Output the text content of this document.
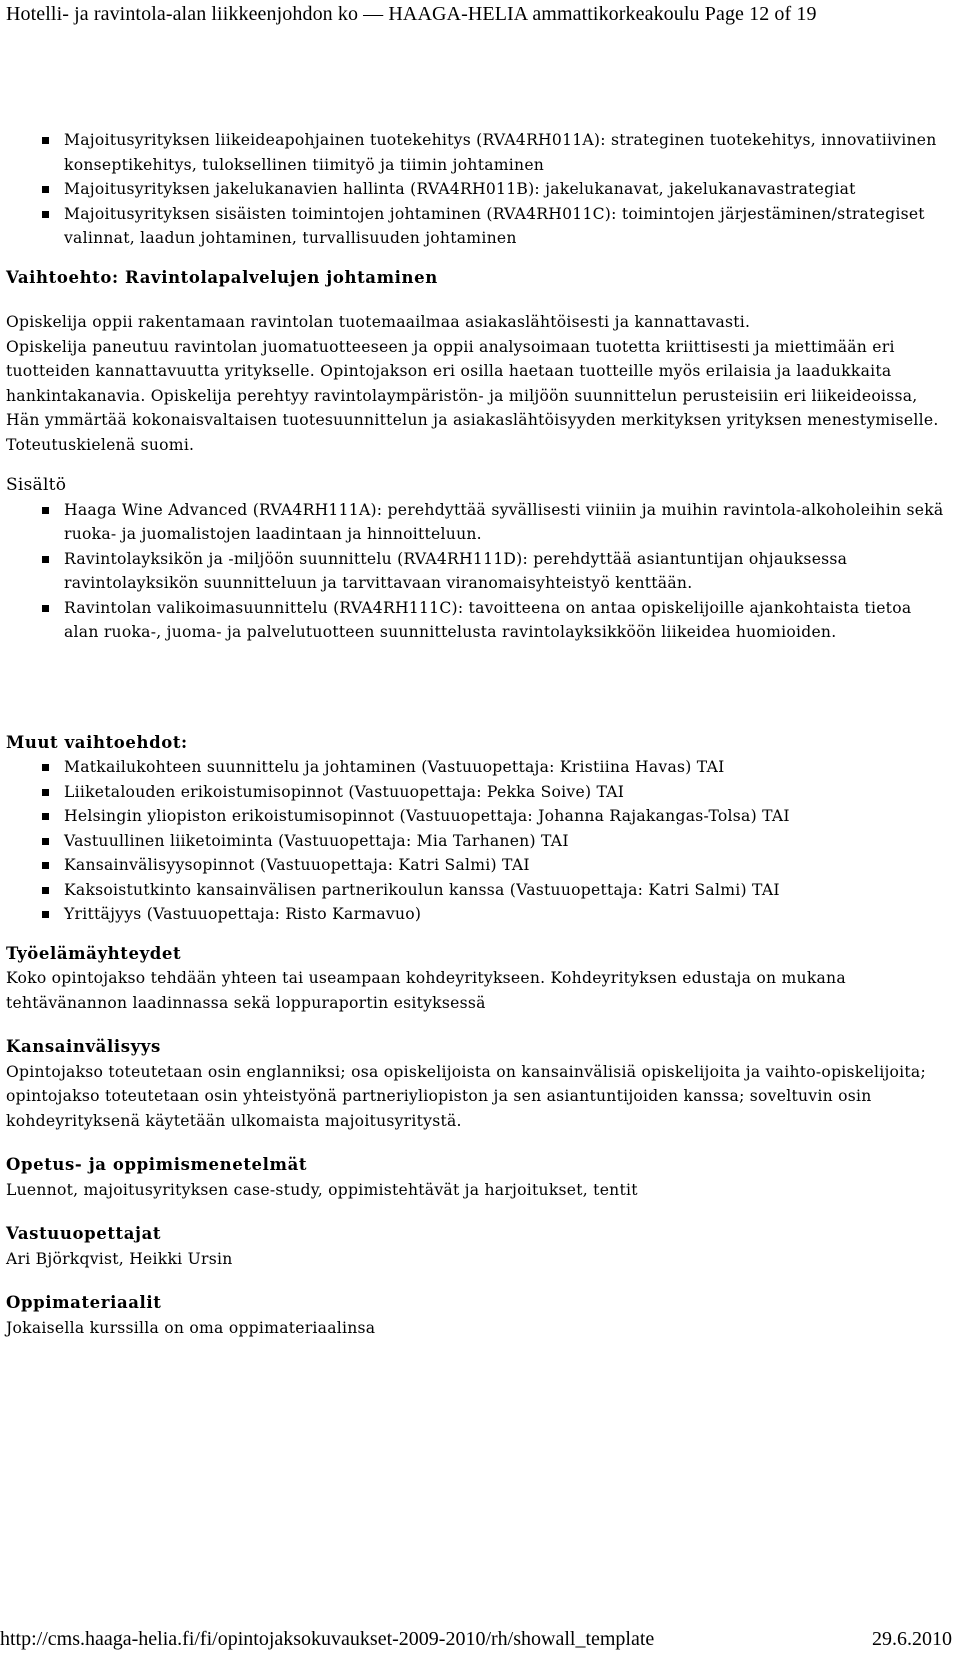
Hotelli- ja ravintola-alan liikkeenjohdon ko — HAAGA-HELIA ammattikorkeakoulu Page 12 of 19
Majoitusyrityksen liikeideapohjainen tuotekehitys (RVA4RH011A): strateginen tuotekehitys, innovatiivinen konseptikehitys, tuloksellinen tiimityö ja tiimin johtaminen
Majoitusyrityksen jakelukanavien hallinta (RVA4RH011B): jakelukanavat, jakelukanavastrategiat
Majoitusyrityksen sisäisten toimintojen johtaminen (RVA4RH011C): toimintojen järjestäminen/strategiset valinnat, laadun johtaminen, turvallisuuden johtaminen

Vaihtoehto: Ravintolapalvelujen johtaminen

Opiskelija oppii rakentamaan ravintolan tuotemaailmaa asiakaslähtöisesti ja kannattavasti.

Opiskelija paneutuu ravintolan juomatuotteeseen ja oppii analysoimaan tuotetta kriittisesti ja miettimään eri tuotteiden kannattavuutta yritykselle. Opintojakson eri osilla haetaan tuotteille myös erilaisia ja laadukkaita hankintakanavia. Opiskelija perehtyy ravintolaympäristön- ja miljöön suunnittelun perusteisiin eri liikeideoissa, Hän ymmärtää kokonaisvaltaisen tuotesuunnittelun ja asiakaslähtöisyyden merkityksen yrityksen menestymiselle. Toteutuskielenä suomi.

Sisältö

Haaga Wine Advanced (RVA4RH111A): perehdyttää syvällisesti viiniin ja muihin ravintola-alkoholeihin sekä ruoka- ja juomalistojen laadintaan ja hinnoitteluun.
Ravintolayksikön ja -miljöön suunnittelu (RVA4RH111D): perehdyttää asiantuntijan ohjauksessa ravintolayksikön suunnitteluun ja tarvittavaan viranomaisyhteistyö kenttään.
Ravintolan valikoimasuunnittelu (RVA4RH111C): tavoitteena on antaa opiskelijoille ajankohtaista tietoa alan ruoka-, juoma- ja palvelutuotteen suunnittelusta ravintolayksikköön liikeidea huomioiden.

Muut vaihtoehdot:

Matkailukohteen suunnittelu ja johtaminen (Vastuuopettaja: Kristiina Havas) TAI
Liiketalouden erikoistumisopinnot (Vastuuopettaja: Pekka Soive) TAI
Helsingin yliopiston erikoistumisopinnot (Vastuuopettaja: Johanna Rajakangas-Tolsa) TAI
Vastuullinen liiketoiminta (Vastuuopettaja: Mia Tarhanen) TAI
Kansainvälisyysopinnot (Vastuuopettaja: Katri Salmi) TAI
Kaksoistutkinto kansainvälisen partnerikoulun kanssa (Vastuuopettaja: Katri Salmi) TAI
Yrittäjyys (Vastuuopettaja: Risto Karmavuo)

Työelämäyhteydet

Koko opintojakso tehdään yhteen tai useampaan kohdeyritykseen. Kohdeyrityksen edustaja on mukana tehtävänannon laadinnassa sekä loppuraportin esityksessä

Kansainvälisyys

Opintojakso toteutetaan osin englanniksi; osa opiskelijoista on kansainvälisiä opiskelijoita ja vaihto-opiskelijoita; opintojakso toteutetaan osin yhteistyönä partneriyliopiston ja sen asiantuntijoiden kanssa; soveltuvin osin kohdeyrityksenä käytetään ulkomaista majoitusyritystä.

Opetus- ja oppimismenetelmät

Luennot, majoitusyrityksen case-study, oppimistehtävät ja harjoitukset, tentit

Vastuuopettajat

Ari Björkqvist, Heikki Ursin

Oppimateriaalit

Jokaisella kurssilla on oma oppimateriaalinsa

http://cms.haaga-helia.fi/fi/opintojaksokuvaukset-2009-2010/rh/showall_template	29.6.2010
